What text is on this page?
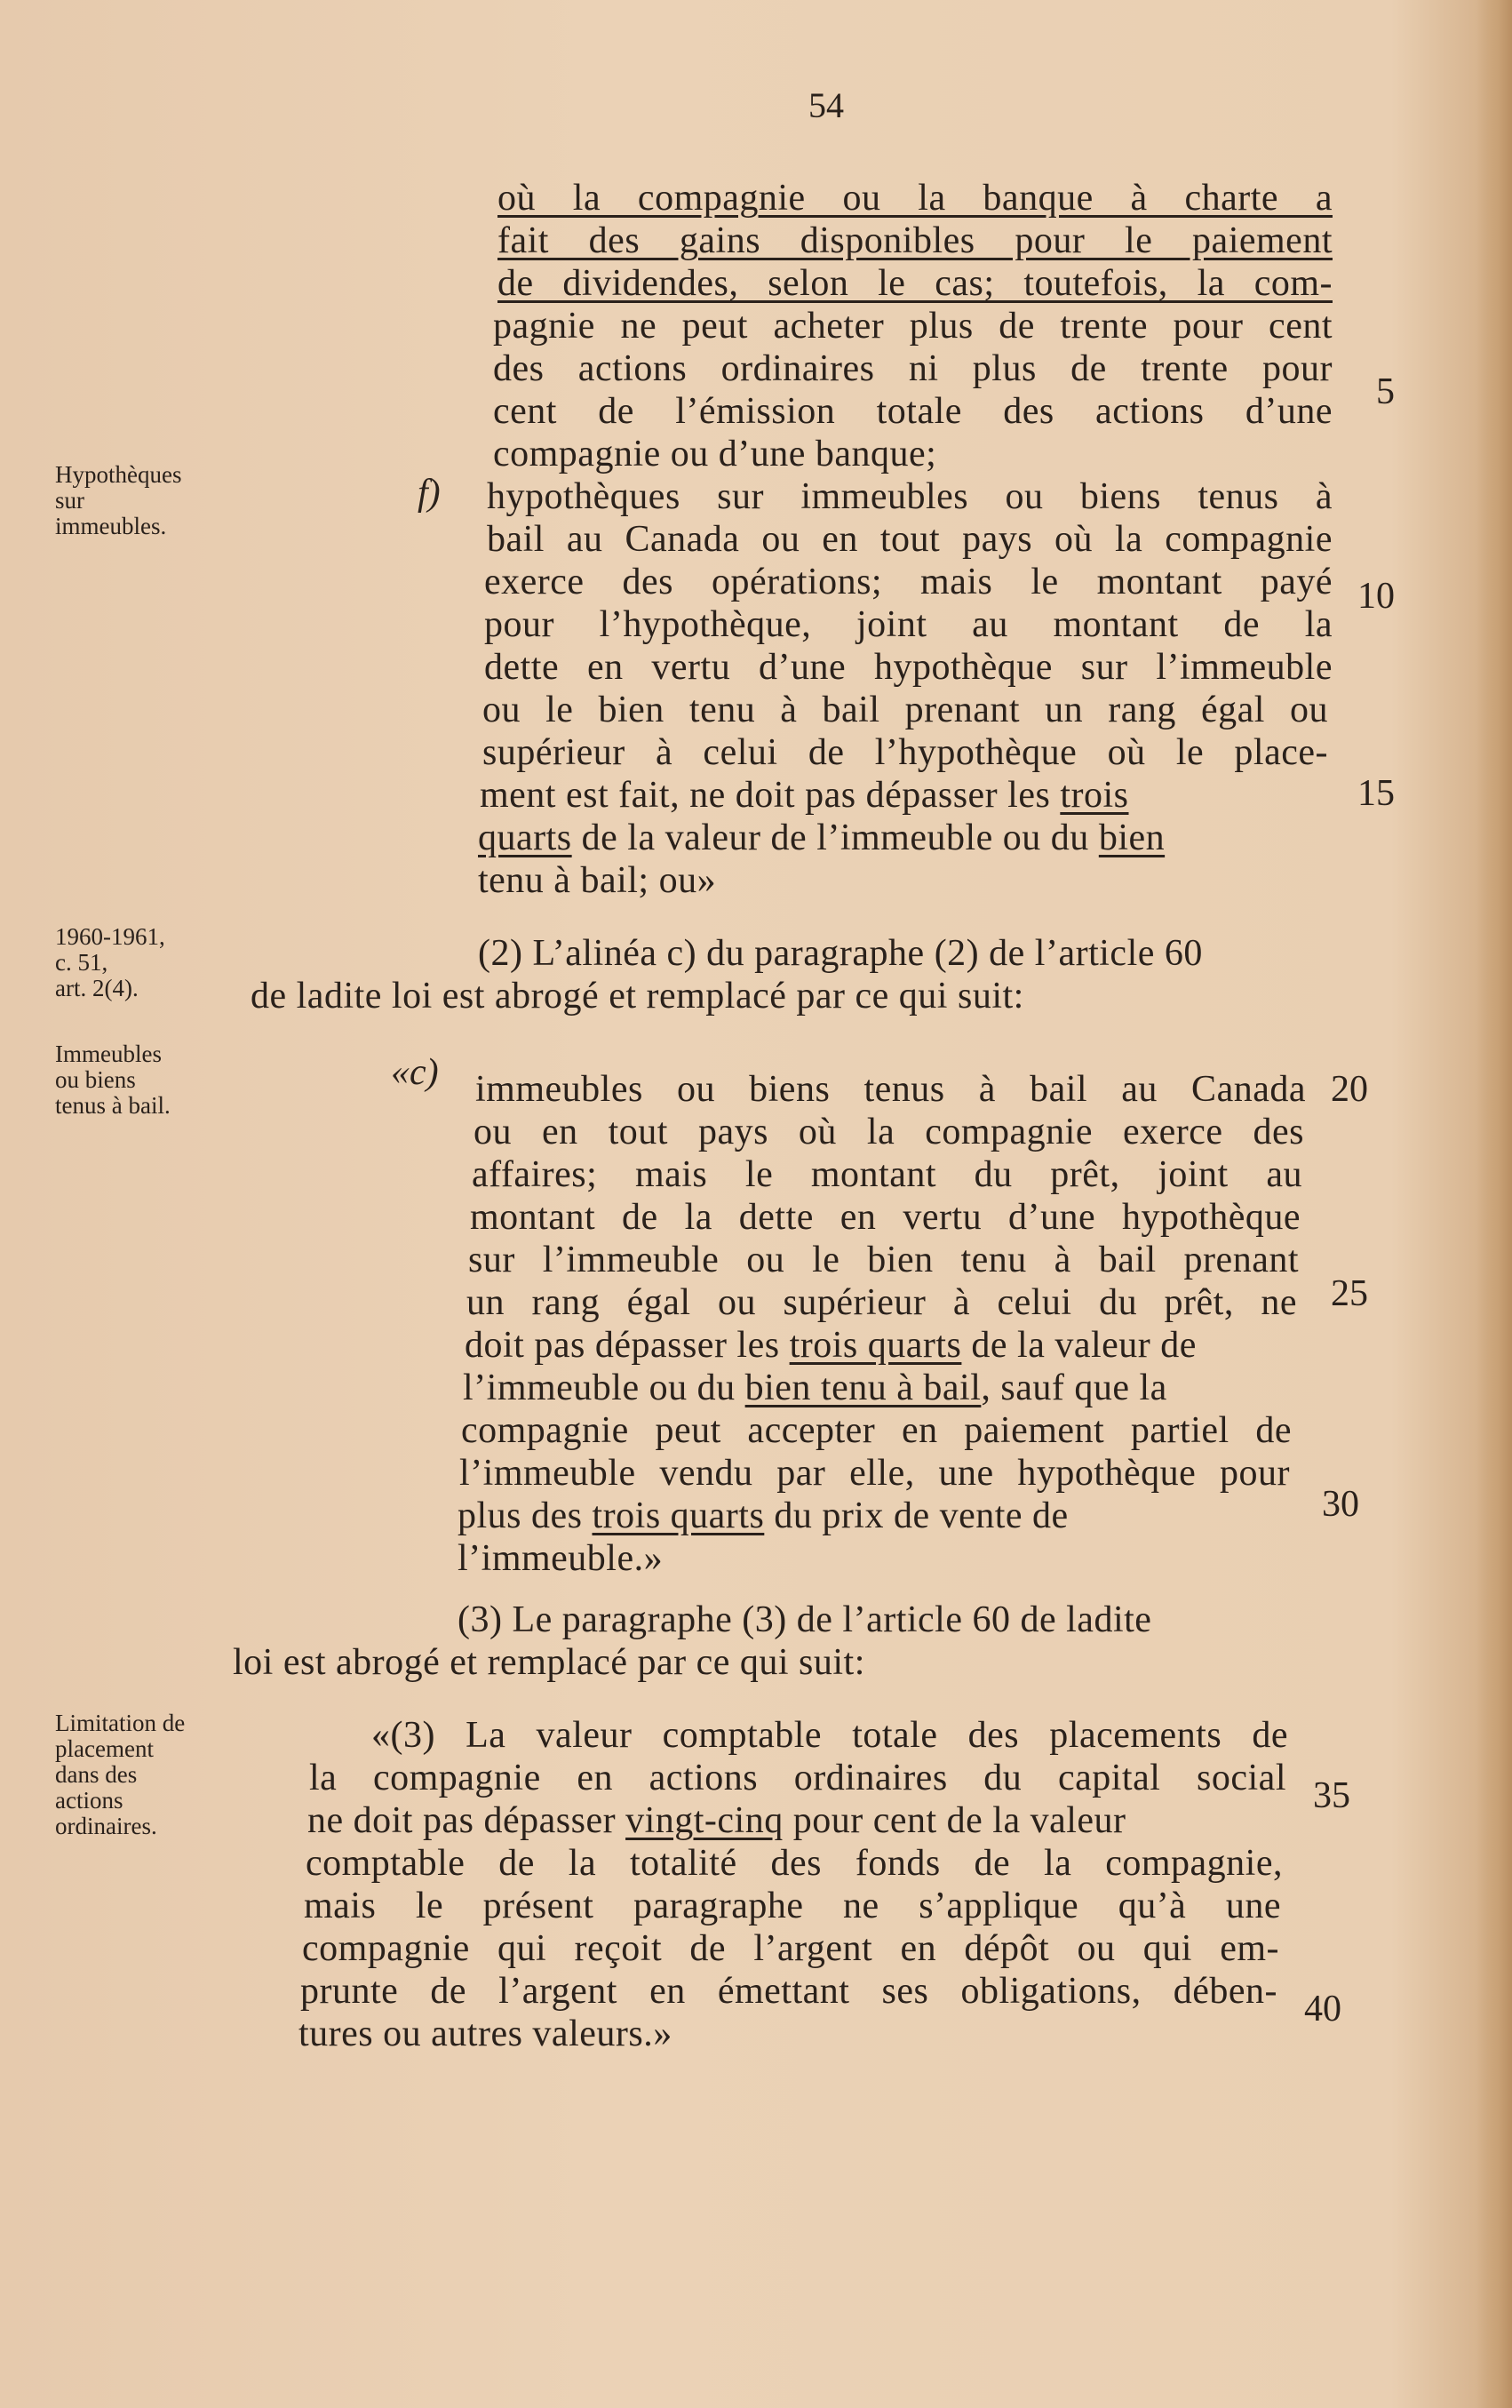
54
où la compagnie ou la banque à charte a
fait des gains disponibles pour le paiement
de dividendes, selon le cas; toutefois, la com-
pagnie ne peut acheter plus de trente pour cent
des actions ordinaires ni plus de trente pour
cent de l’émission totale des actions d’une
compagnie ou d’une banque;
Hypothèques
sur
immeubles.
f) hypothèques sur immeubles ou biens tenus à
bail au Canada ou en tout pays où la compagnie
exerce des opérations; mais le montant payé
pour l’hypothèque, joint au montant de la
dette en vertu d’une hypothèque sur l’immeuble
ou le bien tenu à bail prenant un rang égal ou
supérieur à celui de l’hypothèque où le place-
ment est fait, ne doit pas dépasser les trois
quarts de la valeur de l’immeuble ou du bien
tenu à bail; ou»
5
10
15
20
25
30
35
40
1960-1961,
c. 51,
art. 2(4).
(2) L’alinéa c) du paragraphe (2) de l’article 60
de ladite loi est abrogé et remplacé par ce qui suit:
Immeubles
ou biens
tenus à bail.
«c) immeubles ou biens tenus à bail au Canada
ou en tout pays où la compagnie exerce des
affaires; mais le montant du prêt, joint au
montant de la dette en vertu d’une hypothèque
sur l’immeuble ou le bien tenu à bail prenant
un rang égal ou supérieur à celui du prêt, ne
doit pas dépasser les trois quarts de la valeur de
l’immeuble ou du bien tenu à bail, sauf que la
compagnie peut accepter en paiement partiel de
l’immeuble vendu par elle, une hypothèque pour
plus des trois quarts du prix de vente de
l’immeuble.»
(3) Le paragraphe (3) de l’article 60 de ladite
loi est abrogé et remplacé par ce qui suit:
Limitation de
placement
dans des
actions
ordinaires.
«(3) La valeur comptable totale des placements de
la compagnie en actions ordinaires du capital social
ne doit pas dépasser vingt-cinq pour cent de la valeur
comptable de la totalité des fonds de la compagnie,
mais le présent paragraphe ne s’applique qu’à une
compagnie qui reçoit de l’argent en dépôt ou qui em-
prunte de l’argent en émettant ses obligations, dében-
tures ou autres valeurs.»
